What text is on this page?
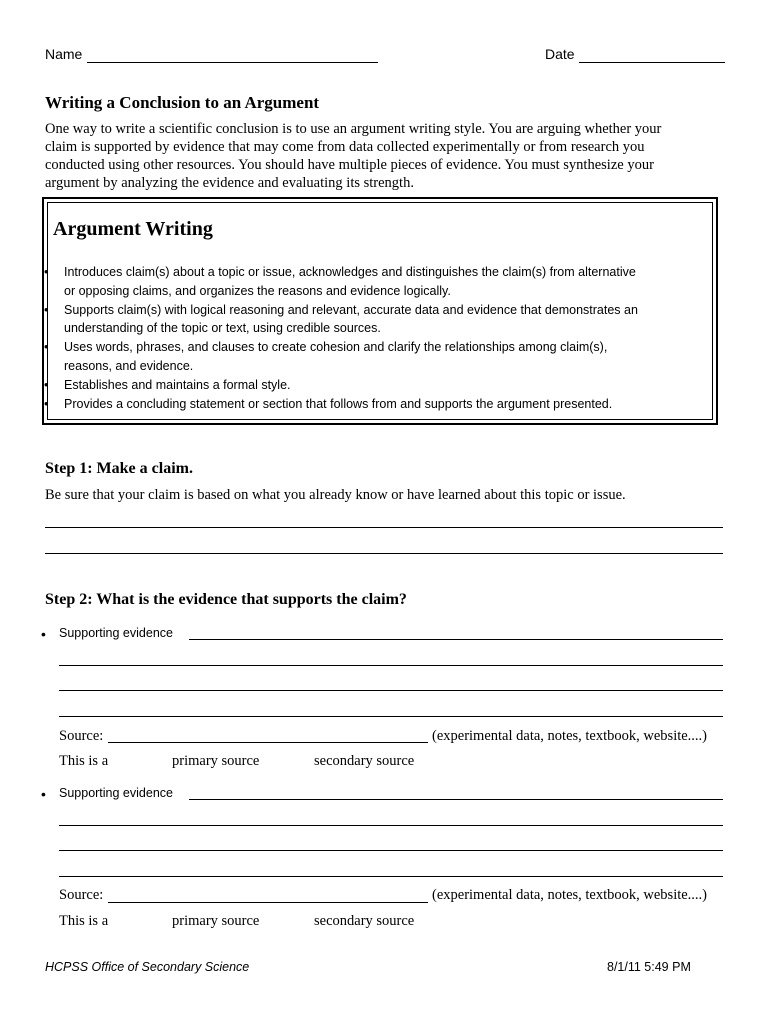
Name	Date
Writing a Conclusion to an Argument
One way to write a scientific conclusion is to use an argument writing style. You are arguing whether your
claim is supported by evidence that may come from data collected experimentally or from research you
conducted using other resources. You should have multiple pieces of evidence. You must synthesize your
argument by analyzing the evidence and evaluating its strength.
Argument Writing
• Introduces claim(s) about a topic or issue, acknowledges and distinguishes the claim(s) from alternative
or opposing claims, and organizes the reasons and evidence logically.
• Supports claim(s) with logical reasoning and relevant, accurate data and evidence that demonstrates an
understanding of the topic or text, using credible sources.
• Uses words, phrases, and clauses to create cohesion and clarify the relationships among claim(s),
reasons, and evidence.
• Establishes and maintains a formal style.
• Provides a concluding statement or section that follows from and supports the argument presented.
Step 1: Make a claim.
Be sure that your claim is based on what you already know or have learned about this topic or issue.
Step 2: What is the evidence that supports the claim?
• Supporting evidence
Source:	(experimental data, notes, textbook, website....)
This is a	primary source	secondary source
• Supporting evidence
Source:	(experimental data, notes, textbook, website....)
This is a	primary source	secondary source
HCPSS Office of Secondary Science	8/1/11 5:49 PM
